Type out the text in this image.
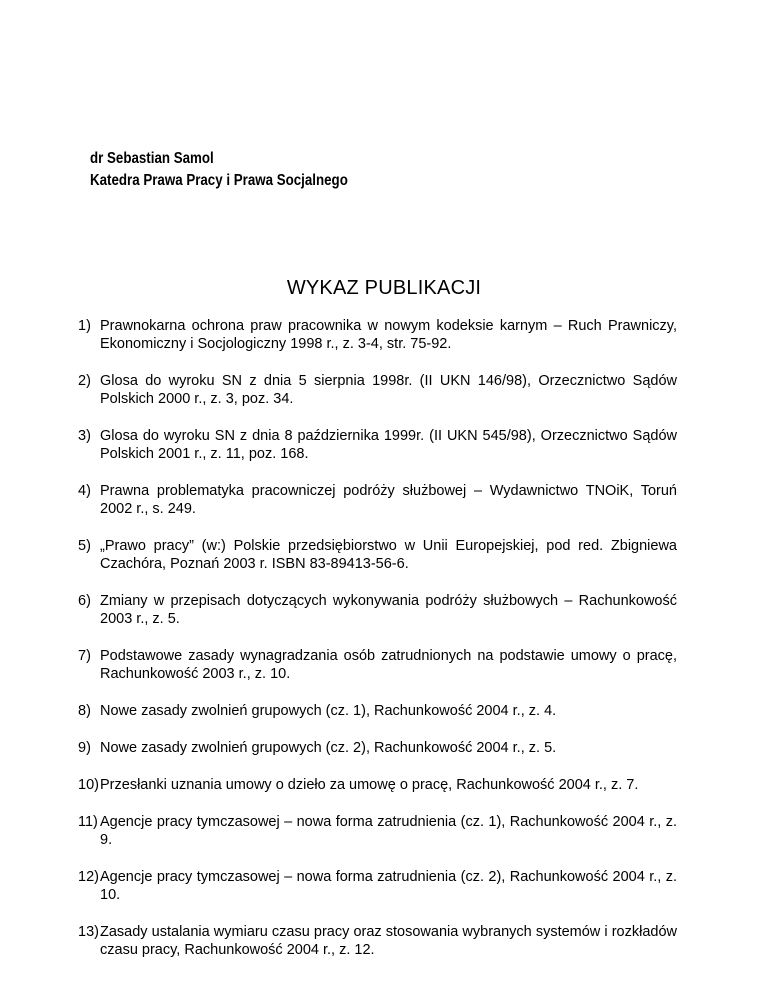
dr Sebastian Samol
Katedra Prawa Pracy i Prawa Socjalnego
WYKAZ PUBLIKACJI
1) Prawnokarna ochrona praw pracownika w nowym kodeksie karnym – Ruch Prawniczy, Ekonomiczny i Socjologiczny 1998 r., z. 3-4, str. 75-92.
2) Glosa do wyroku SN z dnia 5 sierpnia 1998r. (II UKN 146/98), Orzecznictwo Sądów Polskich 2000 r., z. 3, poz. 34.
3) Glosa do wyroku SN z dnia 8 października 1999r. (II UKN 545/98), Orzecznictwo Sądów Polskich 2001 r., z. 11, poz. 168.
4) Prawna problematyka pracowniczej podróży służbowej – Wydawnictwo TNOiK, Toruń 2002 r., s. 249.
5) „Prawo pracy” (w:) Polskie przedsiębiorstwo w Unii Europejskiej, pod red. Zbigniewa Czachóra, Poznań 2003 r. ISBN 83-89413-56-6.
6) Zmiany w przepisach dotyczących wykonywania podróży służbowych – Rachunkowość 2003 r., z. 5.
7) Podstawowe zasady wynagradzania osób zatrudnionych na podstawie umowy o pracę, Rachunkowość 2003 r., z. 10.
8) Nowe zasady zwolnień grupowych (cz. 1), Rachunkowość 2004 r., z. 4.
9) Nowe zasady zwolnień grupowych (cz. 2), Rachunkowość 2004 r., z. 5.
10) Przesłanki uznania umowy o dzieło za umowę o pracę, Rachunkowość 2004 r., z. 7.
11) Agencje pracy tymczasowej – nowa forma zatrudnienia (cz. 1), Rachunkowość 2004 r., z. 9.
12) Agencje pracy tymczasowej – nowa forma zatrudnienia (cz. 2), Rachunkowość 2004 r., z. 10.
13) Zasady ustalania wymiaru czasu pracy oraz stosowania wybranych systemów i rozkładów czasu pracy, Rachunkowość 2004 r., z. 12.
